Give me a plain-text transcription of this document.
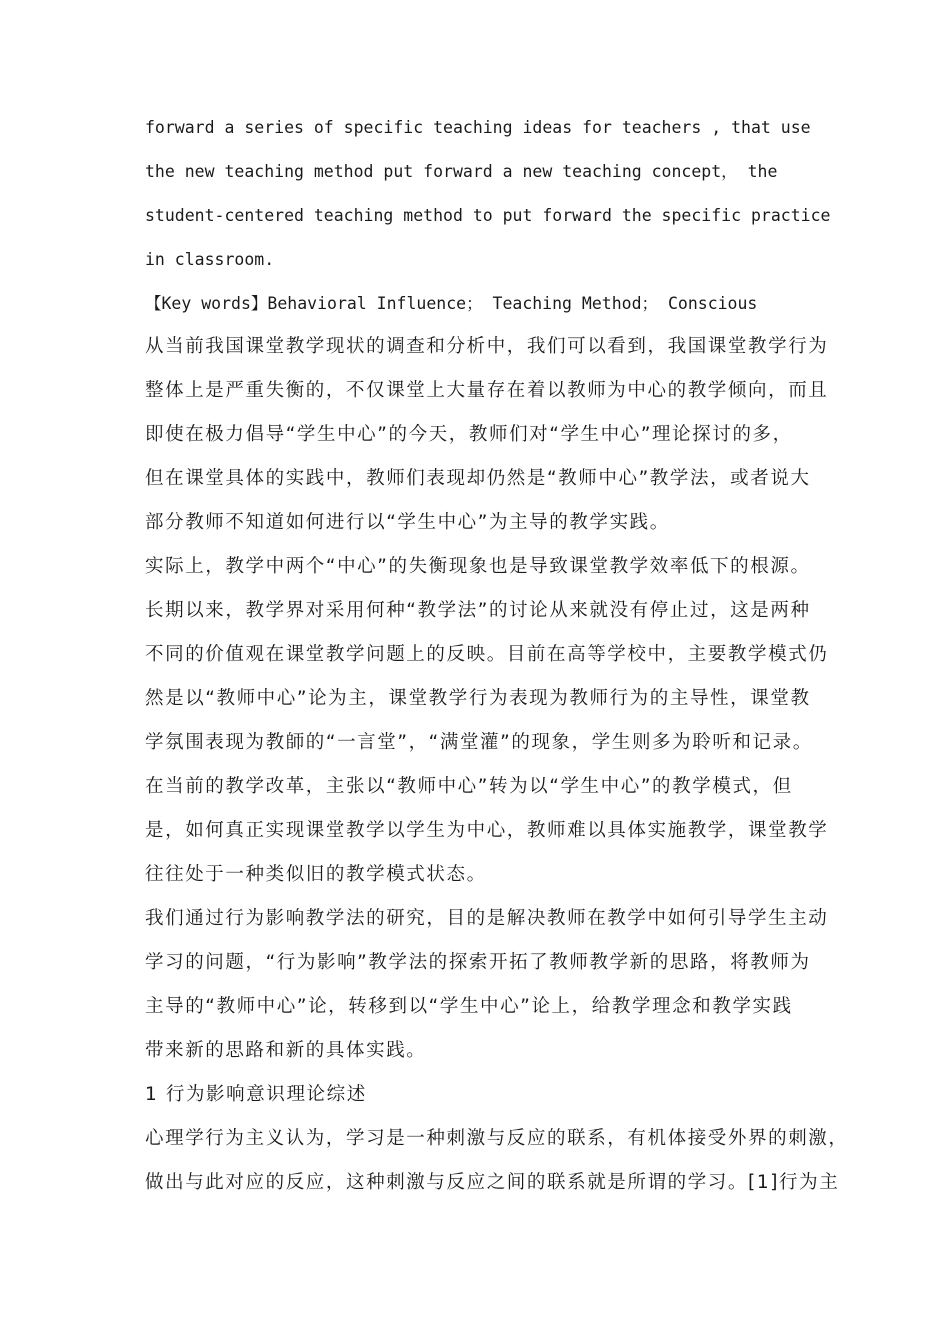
forward a series of specific teaching ideas for teachers , that use
the new teaching method put forward a new teaching concept， the
student-centered teaching method to put forward the specific practice
in classroom.
【Key words】Behavioral Influence； Teaching Method； Conscious
从当前我国课堂教学现状的调查和分析中，我们可以看到，我国课堂教学行为
整体上是严重失衡的，不仅课堂上大量存在着以教师为中心的教学倾向，而且
即使在极力倡导“学生中心”的今天，教师们对“学生中心”理论探讨的多，
但在课堂具体的实践中，教师们表现却仍然是“教师中心”教学法，或者说大
部分教师不知道如何进行以“学生中心”为主导的教学实践。
实际上，教学中两个“中心”的失衡现象也是导致课堂教学效率低下的根源。
长期以来，教学界对采用何种“教学法”的讨论从来就没有停止过，这是两种
不同的价值观在课堂教学问题上的反映。目前在高等学校中，主要教学模式仍
然是以“教师中心”论为主，课堂教学行为表现为教师行为的主导性，课堂教
学氛围表现为教師的“一言堂”，“满堂灌”的现象，学生则多为聆听和记录。
在当前的教学改革，主张以“教师中心”转为以“学生中心”的教学模式，但
是，如何真正实现课堂教学以学生为中心，教师难以具体实施教学，课堂教学
往往处于一种类似旧的教学模式状态。
我们通过行为影响教学法的研究，目的是解决教师在教学中如何引导学生主动
学习的问题，“行为影响”教学法的探索开拓了教师教学新的思路，将教师为
主导的“教师中心”论，转移到以“学生中心”论上，给教学理念和教学实践
带来新的思路和新的具体实践。
1 行为影响意识理论综述
心理学行为主义认为，学习是一种刺激与反应的联系，有机体接受外界的刺激，
做出与此对应的反应，这种刺激与反应之间的联系就是所谓的学习。[1]行为主
